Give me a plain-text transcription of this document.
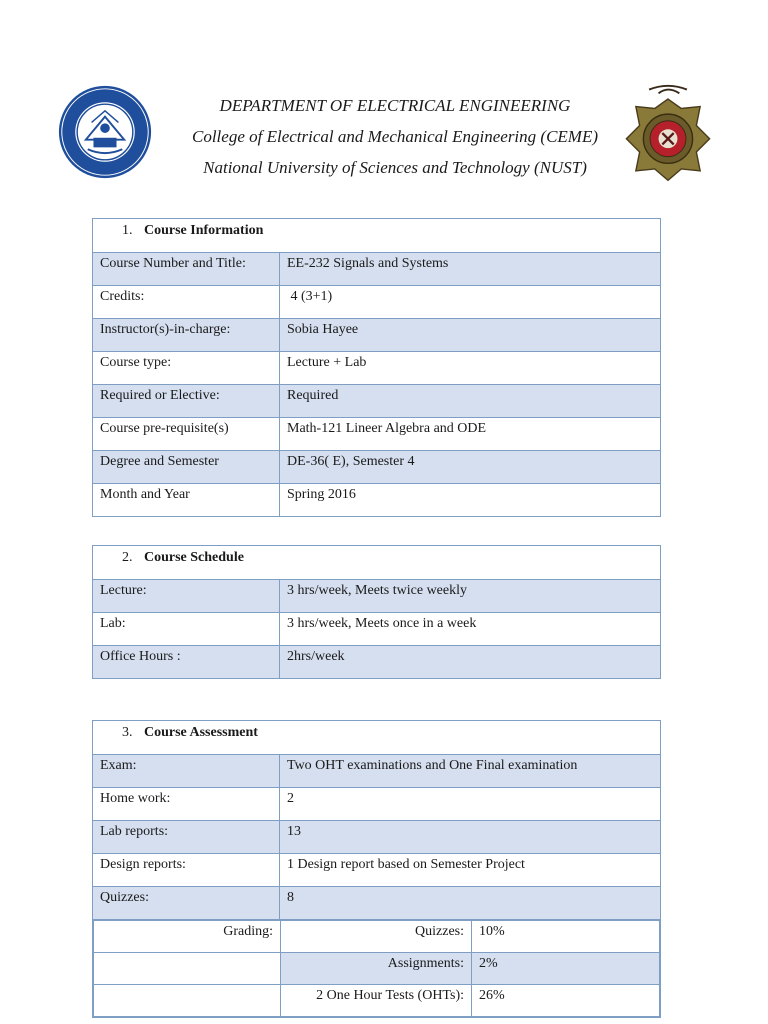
DEPARTMENT OF ELECTRICAL ENGINEERING
College of Electrical and Mechanical Engineering (CEME)
National University of Sciences and Technology (NUST)
1. Course Information	
Course Number and Title:	EE-232 Signals and Systems
Credits:	4 (3+1)
Instructor(s)-in-charge:	Sobia Hayee
Course type:	Lecture + Lab
Required or Elective:	Required
Course pre-requisite(s)	Math-121 Lineer Algebra and ODE
Degree and Semester	DE-36( E), Semester 4
Month and Year	Spring 2016
2. Course Schedule	
Lecture:	3 hrs/week, Meets twice weekly
Lab:	3 hrs/week, Meets once in a week
Office Hours :	2hrs/week
3. Course Assessment
Exam:	Two OHT examinations and One Final examination
Home work:	2
Lab reports:	13
Design reports:	1 Design report based on Semester Project
Quizzes:	8

Grading:	Quizzes:	10%
	Assignments:	2%
	2 One Hour Tests (OHTs):	26%
